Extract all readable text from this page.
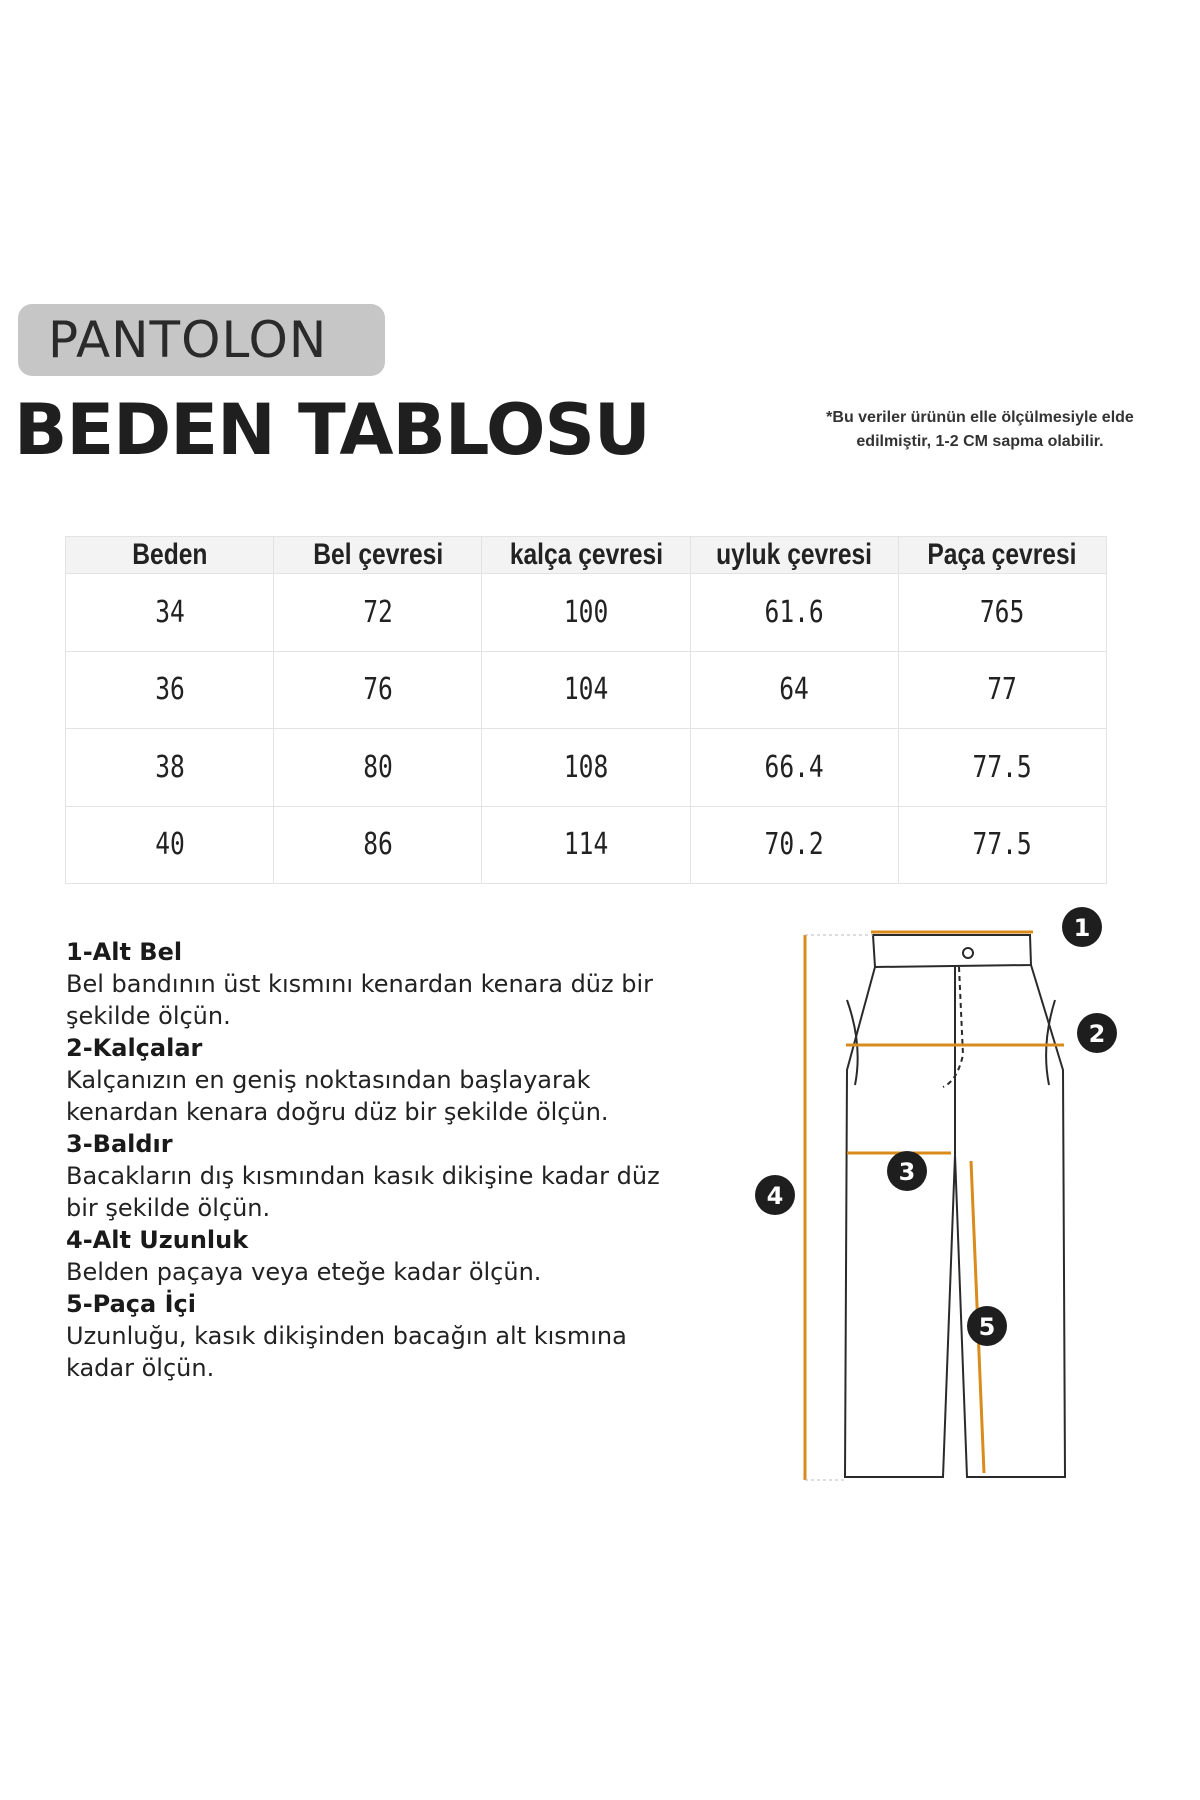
PANTOLON
BEDEN TABLOSU	*Bu veriler ürünün elle ölçülmesiyle elde edilmiştir, 1-2 CM sapma olabilir.
Beden	Bel çevresi	kalça çevresi	uyluk çevresi	Paça çevresi
34	72	100	61.6	765
36	76	104	64	77
38	80	108	66.4	77.5
40	86	114	70.2	77.5

1-Alt Bel

Bel bandının üst kısmını kenardan kenara düz bir şekilde ölçün.

2-Kalçalar

Kalçanızın en geniş noktasından başlayarak kenardan kenara doğru düz bir şekilde ölçün.

3-Baldır

Bacakların dış kısmından kasık dikişine kadar düz bir şekilde ölçün.

4-Alt Uzunluk

Belden paçaya veya eteğe kadar ölçün.

5-Paça İçi

Uzunluğu, kasık dikişinden bacağın alt kısmına kadar ölçün.

1
2
3
4
5
